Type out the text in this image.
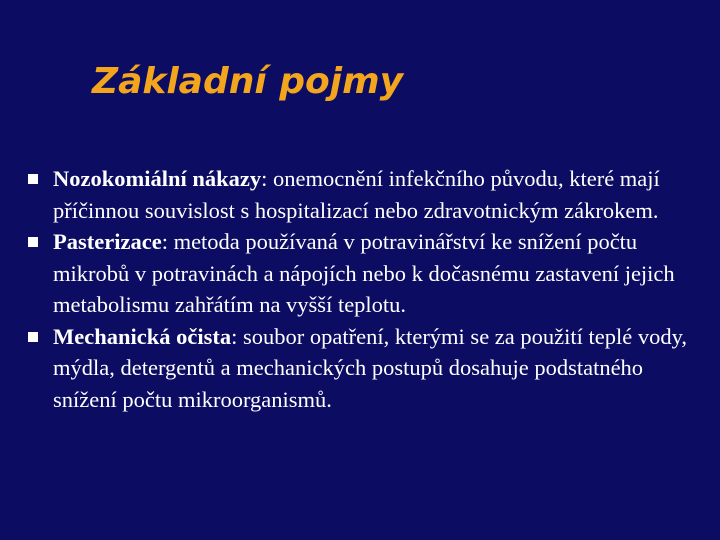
Základní pojmy
Nozokomiální nákazy: onemocnění infekčního původu, které mají příčinnou souvislost s hospitalizací nebo zdravotnickým zákrokem.
Pasterizace: metoda používaná v potravinářství ke snížení počtu mikrobů v potravinách a nápojích nebo k dočasnému zastavení jejich metabolismu zahřátím na vyšší teplotu.
Mechanická očista: soubor opatření, kterými se za použití teplé vody, mýdla, detergentů a mechanických postupů dosahuje podstatného snížení počtu mikroorganismů.
